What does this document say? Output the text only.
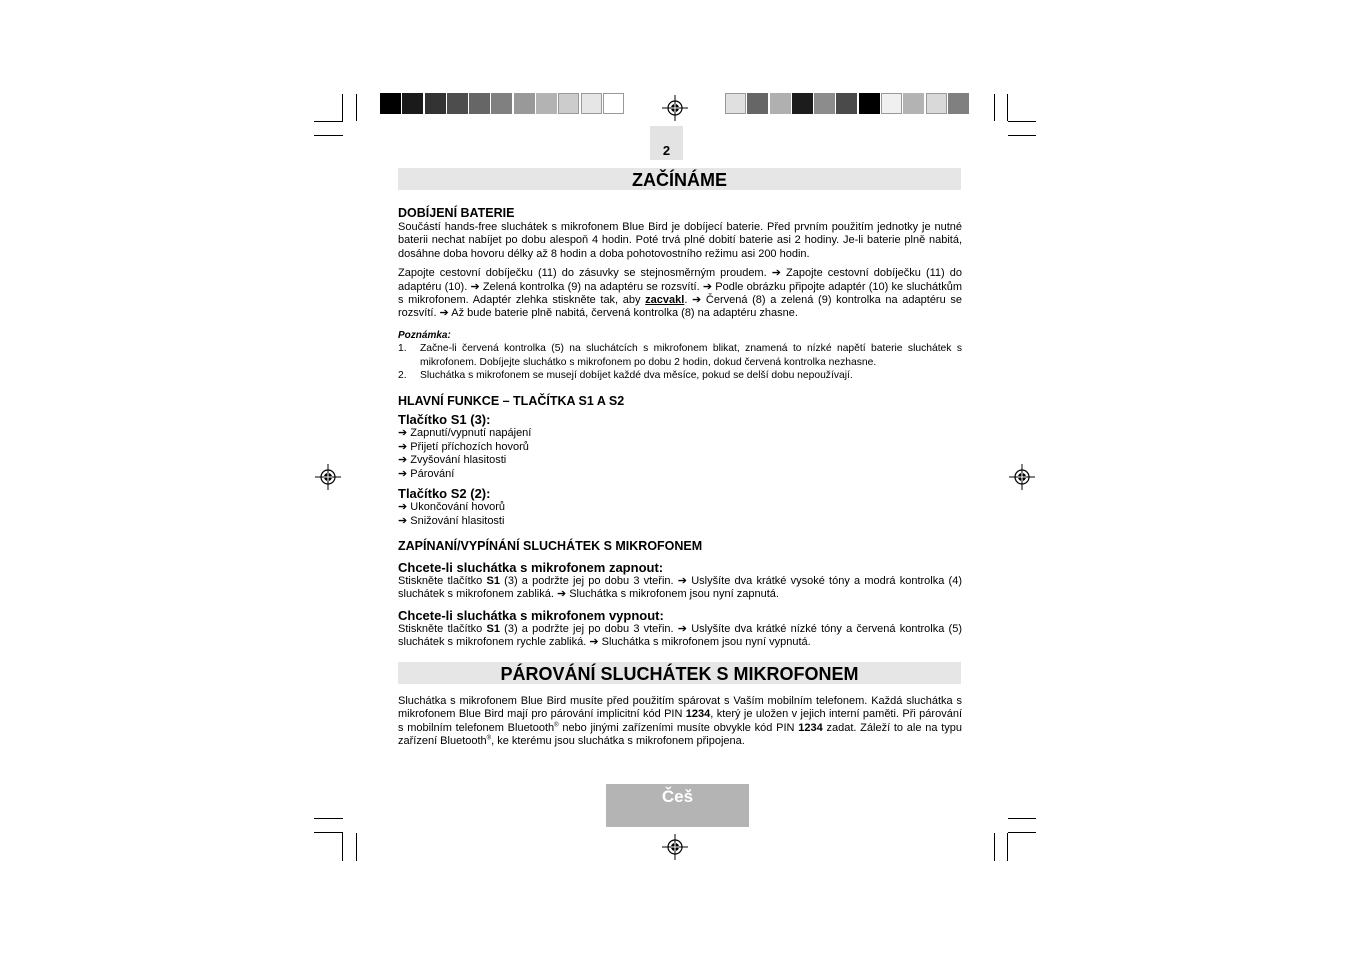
2
ZAČÍNÁME
DOBÍJENÍ BATERIE

Součástí hands-free sluchátek s mikrofonem Blue Bird je dobíjecí baterie. Před prvním použitím jednotky je nutné baterii nechat nabíjet po dobu alespoň 4 hodin. Poté trvá plné dobití baterie asi 2 hodiny. Je-li baterie plně nabitá, dosáhne doba hovoru délky až 8 hodin a doba pohotovostního režimu asi 200 hodin.

Zapojte cestovní dobíječku (11) do zásuvky se stejnosměrným proudem. ➔ Zapojte cestovní dobíječku (11) do adaptéru (10). ➔ Zelená kontrolka (9) na adaptéru se rozsvítí. ➔ Podle obrázku připojte adaptér (10) ke sluchátkům s mikrofonem. Adaptér zlehka stiskněte tak, aby zacvakl. ➔ Červená (8) a zelená (9) kontrolka na adaptéru se rozsvítí. ➔ Až bude baterie plně nabitá, červená kontrolka (8) na adaptéru zhasne.

Poznámka:
1.	Začne-li červená kontrolka (5) na sluchátcích s mikrofonem blikat, znamená to nízké napětí baterie sluchátek s mikrofonem. Dobíjejte sluchátko s mikrofonem po dobu 2 hodin, dokud červená kontrolka nezhasne.
2.	Sluchátka s mikrofonem se musejí dobíjet každé dva měsíce, pokud se delší dobu nepoužívají.
HLAVNÍ FUNKCE – TLAČÍTKA S1 A S2
Tlačítko S1 (3):
➔ Zapnutí/vypnutí napájení
➔ Přijetí příchozích hovorů
➔ Zvyšování hlasitosti
➔ Párování
Tlačítko S2 (2):
➔ Ukončování hovorů
➔ Snižování hlasitosti
ZAPÍNANÍ/VYPÍNÁNÍ SLUCHÁTEK S MIKROFONEM
Chcete-li sluchátka s mikrofonem zapnout:

Stiskněte tlačítko S1 (3) a podržte jej po dobu 3 vteřin. ➔ Uslyšíte dva krátké vysoké tóny a modrá kontrolka (4) sluchátek s mikrofonem zabliká. ➔ Sluchátka s mikrofonem jsou nyní zapnutá.

Chcete-li sluchátka s mikrofonem vypnout:

Stiskněte tlačítko S1 (3) a podržte jej po dobu 3 vteřin. ➔ Uslyšíte dva krátké nízké tóny a červená kontrolka (5) sluchátek s mikrofonem rychle zabliká. ➔ Sluchátka s mikrofonem jsou nyní vypnutá.

PÁROVÁNÍ SLUCHÁTEK S MIKROFONEM

Sluchátka s mikrofonem Blue Bird musíte před použitím spárovat s Vaším mobilním telefonem. Každá sluchátka s mikrofonem Blue Bird mají pro párování implicitní kód PIN 1234, který je uložen v jejich interní paměti. Při párování s mobilním telefonem Bluetooth® nebo jinými zařízeními musíte obvykle kód PIN 1234 zadat. Záleží to ale na typu zařízení Bluetooth®, ke kterému jsou sluchátka s mikrofonem připojena.

Češ
